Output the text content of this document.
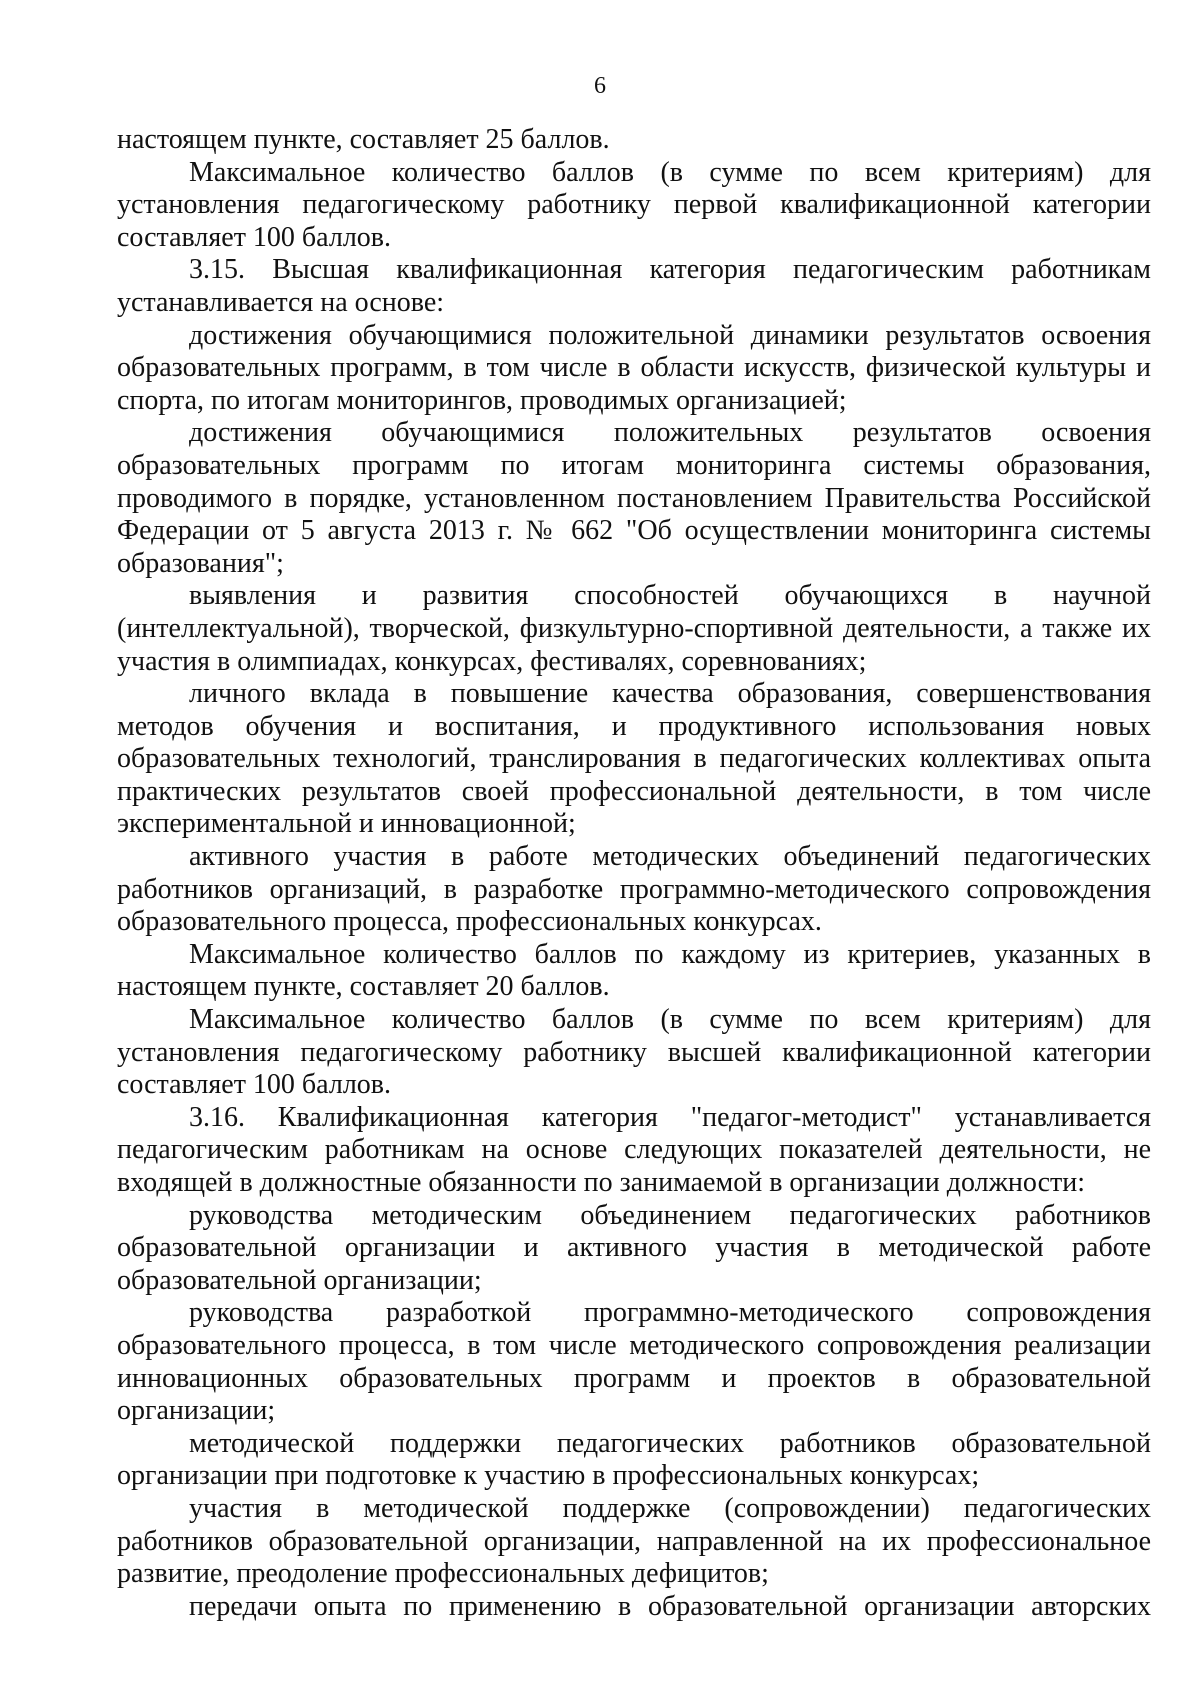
6

настоящем пункте, составляет 25 баллов.

Максимальное количество баллов (в сумме по всем критериям) для установления педагогическому работнику первой квалификационной категории составляет 100 баллов.

3.15. Высшая квалификационная категория педагогическим работникам устанавливается на основе:

достижения обучающимися положительной динамики результатов освоения образовательных программ, в том числе в области искусств, физической культуры и спорта, по итогам мониторингов, проводимых организацией;

достижения обучающимися положительных результатов освоения образовательных программ по итогам мониторинга системы образования, проводимого в порядке, установленном постановлением Правительства Российской Федерации от 5 августа 2013 г. № 662 "Об осуществлении мониторинга системы образования";

выявления и развития способностей обучающихся в научной (интеллектуальной), творческой, физкультурно-спортивной деятельности, а также их участия в олимпиадах, конкурсах, фестивалях, соревнованиях;

личного вклада в повышение качества образования, совершенствования методов обучения и воспитания, и продуктивного использования новых образовательных технологий, транслирования в педагогических коллективах опыта практических результатов своей профессиональной деятельности, в том числе экспериментальной и инновационной;

активного участия в работе методических объединений педагогических работников организаций, в разработке программно-методического сопровождения образовательного процесса, профессиональных конкурсах.

Максимальное количество баллов по каждому из критериев, указанных в настоящем пункте, составляет 20 баллов.

Максимальное количество баллов (в сумме по всем критериям) для установления педагогическому работнику высшей квалификационной категории составляет 100 баллов.

3.16. Квалификационная категория "педагог-методист" устанавливается педагогическим работникам на основе следующих показателей деятельности, не входящей в должностные обязанности по занимаемой в организации должности:

руководства методическим объединением педагогических работников образовательной организации и активного участия в методической работе образовательной организации;

руководства разработкой программно-методического сопровождения образовательного процесса, в том числе методического сопровождения реализации инновационных образовательных программ и проектов в образовательной организации;

методической поддержки педагогических работников образовательной организации при подготовке к участию в профессиональных конкурсах;

участия в методической поддержке (сопровождении) педагогических работников образовательной организации, направленной на их профессиональное развитие, преодоление профессиональных дефицитов;

передачи опыта по применению в образовательной организации авторских
